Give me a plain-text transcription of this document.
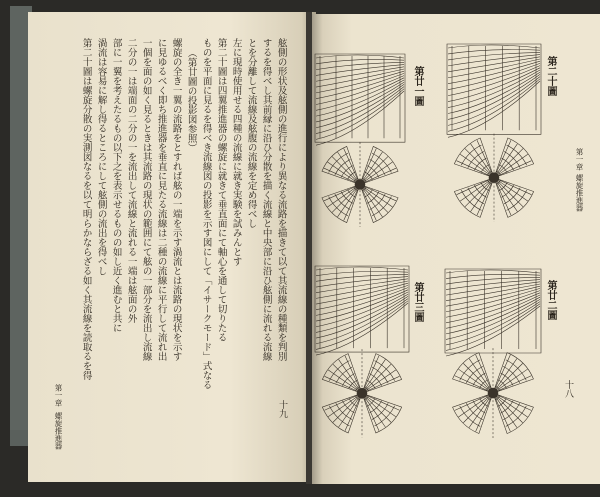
舷側の形状及舷側の進行により異なる流路を描きて以て其流線の種類を判別
するを得べし其前縁に沿ひ分散を描く流線と中央部に沿ひ舷側に流れる流線
とを分離して流線及舷腹の流線を定め得べし
左に現時使用せる四種の流線に就き実験を試みんとす
第二十圖は四翼推進器の螺旋に就きて垂直面にて軸心を通して切りたる
ものを平面に見るを得べき流線図の投影を示す図にして「イサークモード」式なる
（第廿圖の投影図参照）
螺旋の全き一翼の流路をとすれば舷の一端を示す渦流とは流路の現状を示す
に見ゆるべく即ち推進器を垂直に見たる流線は二種の流線に平行して流れ出
一個を面の如く見るときは其流路の現状の範囲にて舷の一部分を流出し流線
二分の一は端面の二分の一を流出して流線と流れる一端は舷面の外
部に一翼を考えたるもの以下之を表示せるものの如し近く進むと共に
渦流は容易に解し得るところにして舷側の流出を得べし
第二十圖は螺旋分散の実測図なるを以て明らかならざる如く其流線を読取るを得
第一章
螺旋推進器
十九
第一章
螺旋推進器
十八
第二十圖
第廿一圖
第廿二圖
第廿三圖
